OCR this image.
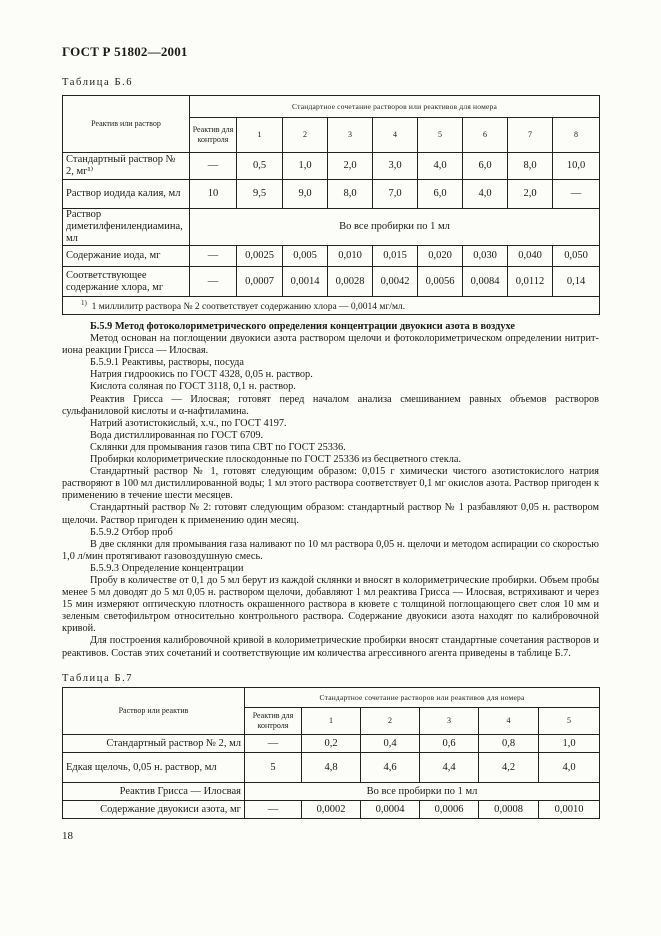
ГОСТ Р 51802—2001
Таблица Б.6
Реактив или раствор	Стандартное сочетание растворов или реактивов для номера								
	Реактив для контроля	1	2	3	4	5	6	7	8
Стандартный раствор № 2, мг¹⁾	—	0,5	1,0	2,0	3,0	4,0	6,0	8,0	10,0
Раствор иодида калия, мл	10	9,5	9,0	8,0	7,0	6,0	4,0	2,0	—
Раствор диметилфенилендиамина, мл	Во все пробирки по 1 мл								
Содержание иода, мг	—	0,0025	0,005	0,010	0,015	0,020	0,030	0,040	0,050
Соответствующее содержание хлора, мг	—	0,0007	0,0014	0,0028	0,0042	0,0056	0,0084	0,0112	0,14
$^{1)}$ 1 миллилитр раствора № 2 соответствует содержанию хлора — 0,0014 мг/мл.									

Б.5.9 Метод фотоколориметрического определения концентрации двуокиси азота в воздухе

Метод основан на поглощении двуокиси азота раствором щелочи и фотоколориметрическом определении нитрит-иона реакции Грисса — Илосвая.

Б.5.9.1 Реактивы, растворы, посуда

Натрия гидроокись по ГОСТ 4328, 0,05 н. раствор.

Кислота соляная по ГОСТ 3118, 0,1 н. раствор.

Реактив Грисса — Илосвая; готовят перед началом анализа смешиванием равных объемов растворов сульфаниловой кислоты и α-нафтиламина.

Натрий азотистокислый, х.ч., по ГОСТ 4197.

Вода дистиллированная по ГОСТ 6709.

Склянки для промывания газов типа СВТ по ГОСТ 25336.

Пробирки колориметрические плоскодонные по ГОСТ 25336 из бесцветного стекла.

Стандартный раствор № 1, готовят следующим образом: 0,015 г химически чистого азотистокислого натрия растворяют в 100 мл дистиллированной воды; 1 мл этого раствора соответствует 0,1 мг окислов азота. Раствор пригоден к применению в течение шести месяцев.

Стандартный раствор № 2: готовят следующим образом: стандартный раствор № 1 разбавляют 0,05 н. раствором щелочи. Раствор пригоден к применению один месяц.

Б.5.9.2 Отбор проб

В две склянки для промывания газа наливают по 10 мл раствора 0,05 н. щелочи и методом аспирации со скоростью 1,0 л/мин протягивают газовоздушную смесь.

Б.5.9.3 Определение концентрации

Пробу в количестве от 0,1 до 5 мл берут из каждой склянки и вносят в колориметрические пробирки. Объем пробы менее 5 мл доводят до 5 мл 0,05 н. раствором щелочи, добавляют 1 мл реактива Грисса — Илосвая, встряхивают и через 15 мин измеряют оптическую плотность окрашенного раствора в кювете с толщиной поглощающего свет слоя 10 мм и зеленым светофильтром относительно контрольного раствора. Содержание двуокиси азота находят по калибровочной кривой.

Для построения калибровочной кривой в колориметрические пробирки вносят стандартные сочетания растворов и реактивов. Состав этих сочетаний и соответствующие им количества агрессивного агента приведены в таблице Б.7.

Таблица Б.7
Раствор или реактив	Стандартное сочетание растворов или реактивов для номера					
	Реактив для контроля	1	2	3	4	5
Стандартный раствор № 2, мл	—	0,2	0,4	0,6	0,8	1,0
Едкая щелочь, 0,05 н. раствор, мл	5	4,8	4,6	4,4	4,2	4,0
Реактив Грисса — Илосвая	Во все пробирки по 1 мл					
Содержание двуокиси азота, мг	—	0,0002	0,0004	0,0006	0,0008	0,0010
18
